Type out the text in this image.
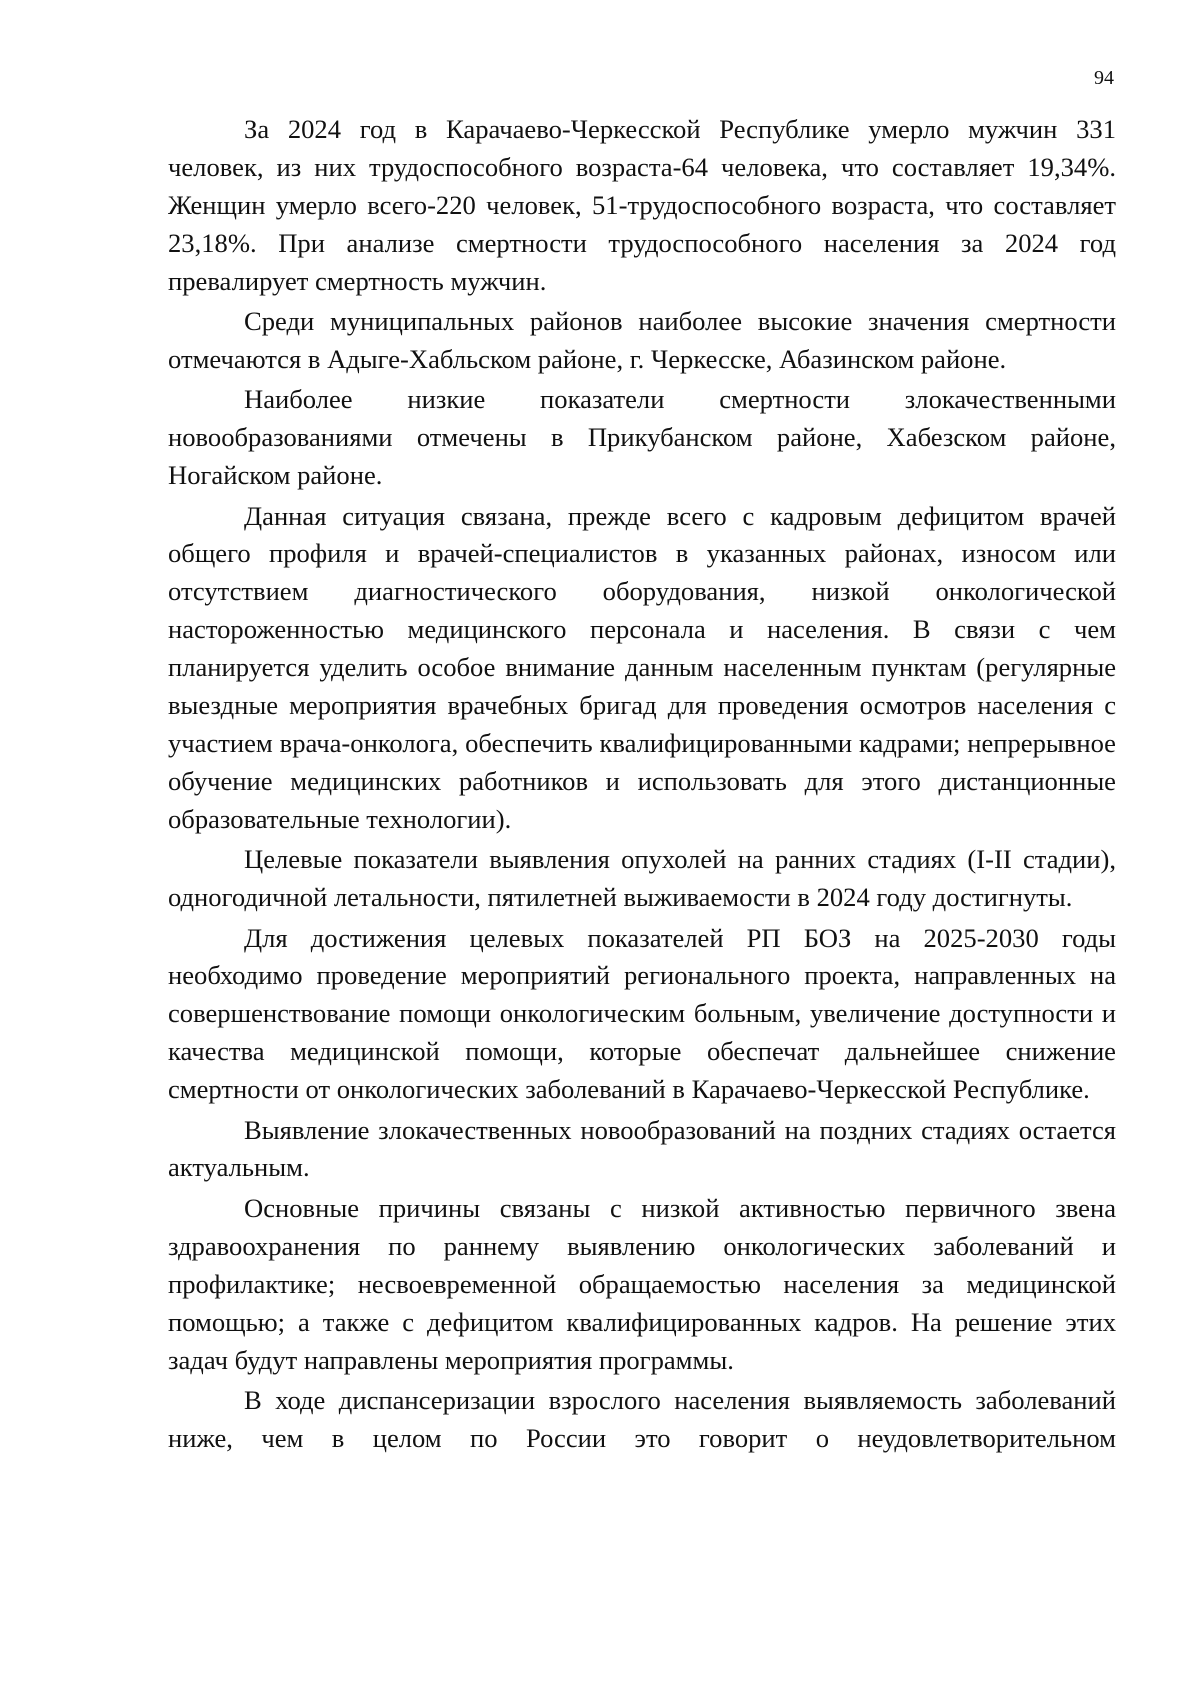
94

За 2024 год в Карачаево-Черкесской Республике умерло мужчин 331 человек, из них трудоспособного возраста-64 человека, что составляет 19,34%. Женщин умерло всего-220 человек, 51-трудоспособного возраста, что составляет 23,18%. При анализе смертности трудоспособного населения за 2024 год превалирует смертность мужчин.

Среди муниципальных районов наиболее высокие значения смертности отмечаются в Адыге-Хабльском районе, г. Черкесске, Абазинском районе.

Наиболее низкие показатели смертности злокачественными новообразованиями отмечены в Прикубанском районе, Хабезском районе, Ногайском районе.

Данная ситуация связана, прежде всего с кадровым дефицитом врачей общего профиля и врачей-специалистов в указанных районах, износом или отсутствием диагностического оборудования, низкой онкологической настороженностью медицинского персонала и населения. В связи с чем планируется уделить особое внимание данным населенным пунктам (регулярные выездные мероприятия врачебных бригад для проведения осмотров населения с участием врача-онколога, обеспечить квалифицированными кадрами; непрерывное обучение медицинских работников и использовать для этого дистанционные образовательные технологии).

Целевые показатели выявления опухолей на ранних стадиях (I-II стадии), одногодичной летальности, пятилетней выживаемости в 2024 году достигнуты.

Для достижения целевых показателей РП БОЗ на 2025-2030 годы необходимо проведение мероприятий регионального проекта, направленных на совершенствование помощи онкологическим больным, увеличение доступности и качества медицинской помощи, которые обеспечат дальнейшее снижение смертности от онкологических заболеваний в Карачаево-Черкесской Республике.

Выявление злокачественных новообразований на поздних стадиях остается актуальным.

Основные причины связаны с низкой активностью первичного звена здравоохранения по раннему выявлению онкологических заболеваний и профилактике; несвоевременной обращаемостью населения за медицинской помощью; а также с дефицитом квалифицированных кадров. На решение этих задач будут направлены мероприятия программы.

В ходе диспансеризации взрослого населения выявляемость заболеваний ниже, чем в целом по России это говорит о неудовлетворительном
